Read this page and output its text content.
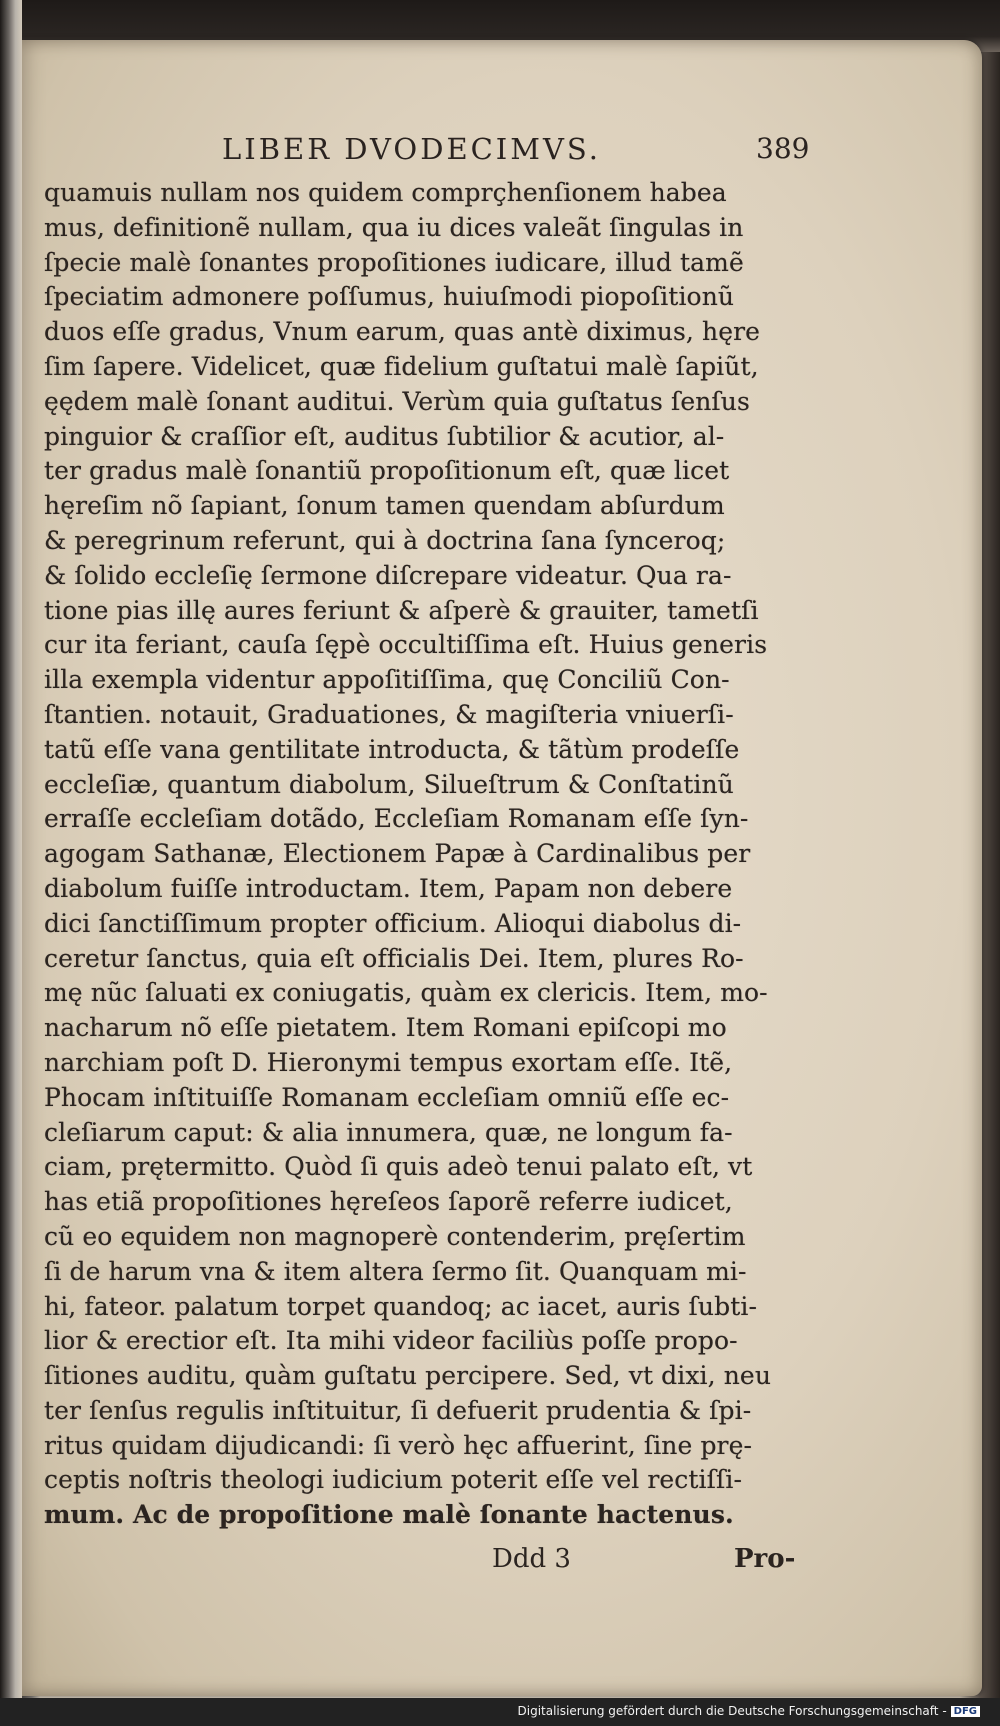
LIBER DVODECIMVS.	389
quamuis nullam nos quidem comprçhenſionem habea
mus, definitionẽ nullam, qua iu dices valeãt ſingulas in
ſpecie malè ſonantes propoſitiones iudicare, illud tamẽ
ſpeciatim admonere poſſumus, huiuſmodi piopoſitionũ
duos eſſe gradus, Vnum earum, quas antè diximus, hęre
ſim ſapere. Videlicet, quæ fidelium guſtatui malè ſapiũt,
ęędem malè ſonant auditui. Verùm quia guſtatus ſenſus
pinguior & craſſior eſt, auditus ſubtilior & acutior, al-
ter gradus malè ſonantiũ propoſitionum eſt, quæ licet
hęreſim nõ ſapiant, ſonum tamen quendam abſurdum
& peregrinum referunt, qui à doctrina ſana ſynceroq;
& ſolido eccleſię ſermone diſcrepare videatur. Qua ra-
tione pias illę aures feriunt & aſperè & grauiter, tametſi
cur ita feriant, cauſa ſępè occultiſſima eſt. Huius generis
illa exempla videntur appoſitiſſima, quę Conciliũ Con-
ſtantien. notauit, Graduationes, & magiſteria vniuerſi-
tatũ eſſe vana gentilitate introducta, & tãtùm prodeſſe
eccleſiæ, quantum diabolum, Silueſtrum & Conſtatinũ
erraſſe eccleſiam dotãdo, Eccleſiam Romanam eſſe ſyn-
agogam Sathanæ, Electionem Papæ à Cardinalibus per
diabolum fuiſſe introductam. Item, Papam non debere
dici ſanctiſſimum propter officium. Alioqui diabolus di-
ceretur ſanctus, quia eſt officialis Dei. Item, plures Ro-
mę nũc ſaluati ex coniugatis, quàm ex clericis. Item, mo-
nacharum nõ eſſe pietatem. Item Romani epiſcopi mo
narchiam poſt D. Hieronymi tempus exortam eſſe. Itẽ,
Phocam inſtituiſſe Romanam eccleſiam omniũ eſſe ec-
cleſiarum caput: & alia innumera, quæ, ne longum fa-
ciam, prętermitto. Quòd ſi quis adeò tenui palato eſt, vt
has etiã propoſitiones hęreſeos ſaporẽ referre iudicet,
cũ eo equidem non magnoperè contenderim, pręſertim
ſi de harum vna & item altera ſermo ſit. Quanquam mi-
hi, fateor. palatum torpet quandoq; ac iacet, auris ſubti-
lior & erectior eſt. Ita mihi videor faciliùs poſſe propo-
ſitiones auditu, quàm guſtatu percipere. Sed, vt dixi, neu
ter ſenſus regulis inſtituitur, ſi defuerit prudentia & ſpi-
ritus quidam dijudicandi: ſi verò hęc affuerint, ſine prę-
ceptis noſtris theologi iudicium poterit eſſe vel rectiſſi-
mum. Ac de propoſitione malè ſonante hactenus.
Ddd 3	Pro-
Digitalisierung gefördert durch die Deutsche Forschungsgemeinschaft - DFG
